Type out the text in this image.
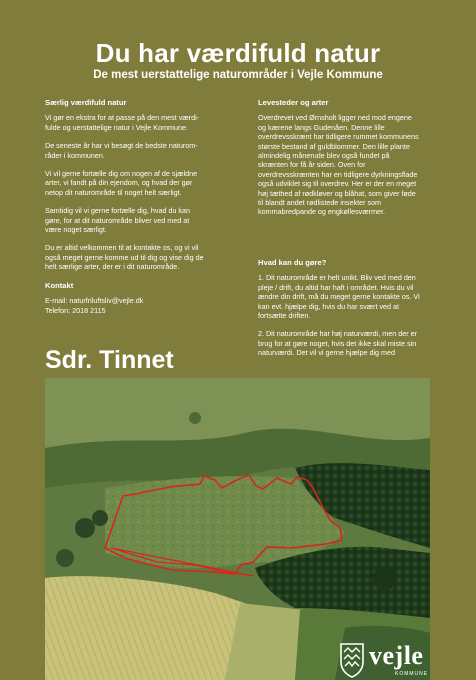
Du har værdifuld natur
De mest uerstattelige naturområder i Vejle Kommune
Særlig værdifuld natur
Vi gør en ekstra for at passe på den mest værdi-
fulde og uerstattelige natur i Vejle Kommune.
De seneste år har vi besøgt de bedste naturom-
råder i kommunen.
Vi vil gerne fortælle dig om nogen af de sjældne
arter, vi fandt på din ejendom, og hvad der gør
netop dit naturområde til noget helt særligt.
Samtidig vil vi gerne fortælle dig, hvad du kan
gøre, for at dit naturområde bliver ved med at
være noget særligt.
Du er altid velkommen til at kontakte os, og vi vil
også meget gerne komme ud til dig og vise dig de
helt særlige arter, der er i dit naturområde.
Kontakt
E-mail: naturfriluftsliv@vejle.dk
Telefon: 2018 2115
Levesteder og arter
Overdrevet ved Ørnsholt ligger ned mod engene
og kærene langs Gudenåen. Denne lille
overdrevsskrænt har tidligere rummet kommunens
største bestand af guldblommer. Den lille plante
almindelig månerude blev også fundet på
skrænten for få år siden. Oven for
overdrevsskrænten har en tidligere dyrkningsflade
også udviklet sig til overdrev. Her er der en meget
høj tæthed af rødkløver og blåhat, som giver føde
til blandt andet rødlistede insekter som
kommabredpande og engkøllesværmer.
Hvad kan du gøre?
1. Dit naturområde er helt unikt. Bliv ved med den
pleje / drift, du altid har haft i området. Hvis du vil
ændre din drift, må du meget gerne kontakte os. Vi
kan evt. hjælpe dig, hvis du har svært ved at
fortsætte driften.
2. Dit naturområde har høj naturværdi, men der er
brug for at gøre noget, hvis det ikke skal miste sin
naturværdi. Det vil vi gerne hjælpe dig med
Sdr. Tinnet
vejle
KOMMUNE
